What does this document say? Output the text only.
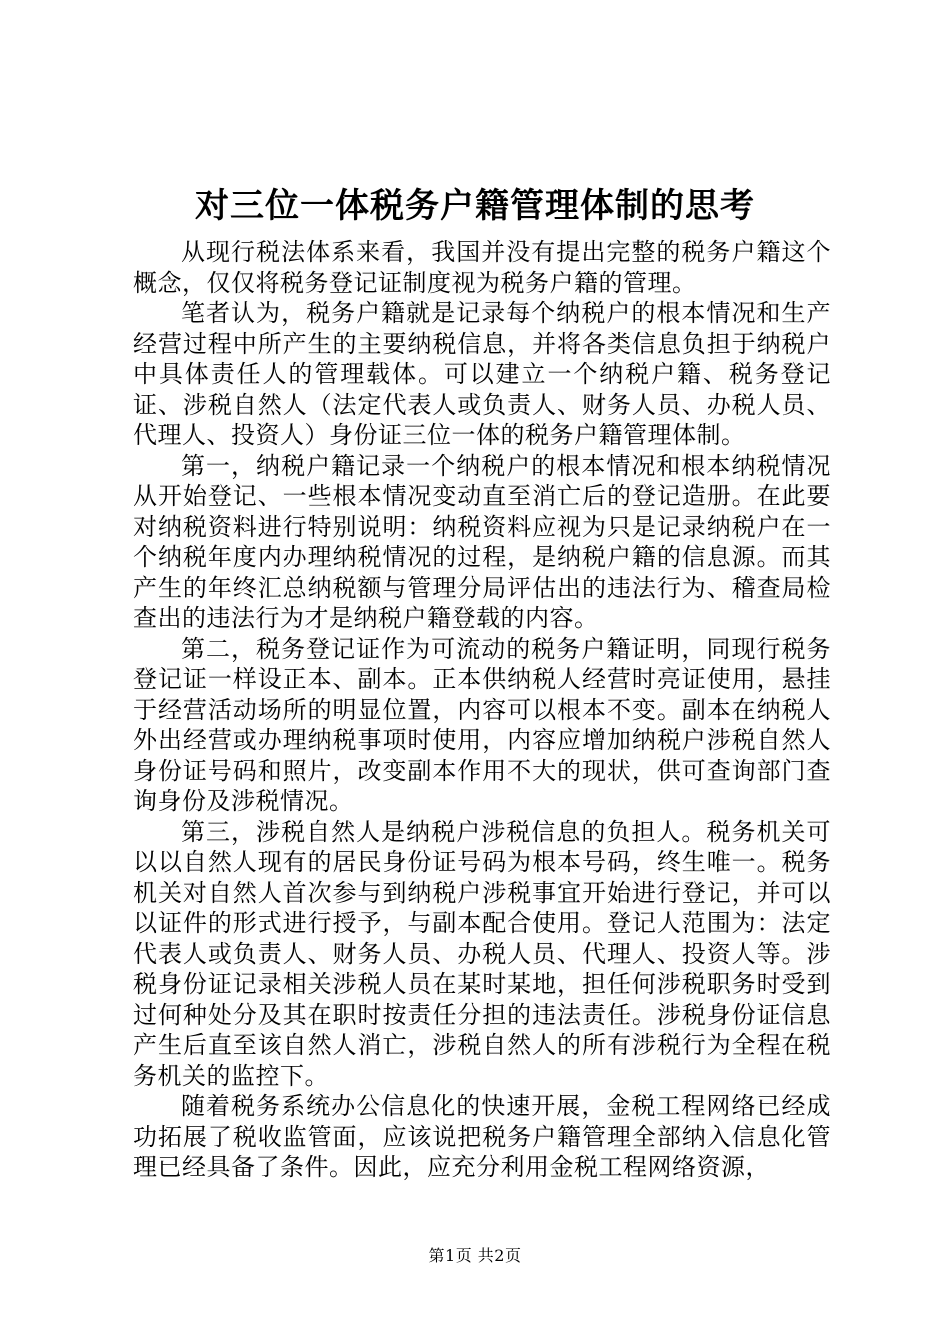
对三位一体税务户籍管理体制的思考

从现行税法体系来看，我国并没有提出完整的税务户籍这个概念，仅仅将税务登记证制度视为税务户籍的管理。

笔者认为，税务户籍就是记录每个纳税户的根本情况和生产经营过程中所产生的主要纳税信息，并将各类信息负担于纳税户中具体责任人的管理载体。可以建立一个纳税户籍、税务登记证、涉税自然人（法定代表人或负责人、财务人员、办税人员、代理人、投资人）身份证三位一体的税务户籍管理体制。

第一，纳税户籍记录一个纳税户的根本情况和根本纳税情况从开始登记、一些根本情况变动直至消亡后的登记造册。在此要对纳税资料进行特别说明：纳税资料应视为只是记录纳税户在一个纳税年度内办理纳税情况的过程，是纳税户籍的信息源。而其产生的年终汇总纳税额与管理分局评估出的违法行为、稽查局检查出的违法行为才是纳税户籍登载的内容。

第二，税务登记证作为可流动的税务户籍证明，同现行税务登记证一样设正本、副本。正本供纳税人经营时亮证使用，悬挂于经营活动场所的明显位置，内容可以根本不变。副本在纳税人外出经营或办理纳税事项时使用，内容应增加纳税户涉税自然人身份证号码和照片，改变副本作用不大的现状，供可查询部门查询身份及涉税情况。

第三，涉税自然人是纳税户涉税信息的负担人。税务机关可以以自然人现有的居民身份证号码为根本号码，终生唯一。税务机关对自然人首次参与到纳税户涉税事宜开始进行登记，并可以以证件的形式进行授予，与副本配合使用。登记人范围为：法定代表人或负责人、财务人员、办税人员、代理人、投资人等。涉税身份证记录相关涉税人员在某时某地，担任何涉税职务时受到过何种处分及其在职时按责任分担的违法责任。涉税身份证信息产生后直至该自然人消亡，涉税自然人的所有涉税行为全程在税务机关的监控下。

随着税务系统办公信息化的快速开展，金税工程网络已经成功拓展了税收监管面，应该说把税务户籍管理全部纳入信息化管理已经具备了条件。因此，应充分利用金税工程网络资源，

第1页 共2页
